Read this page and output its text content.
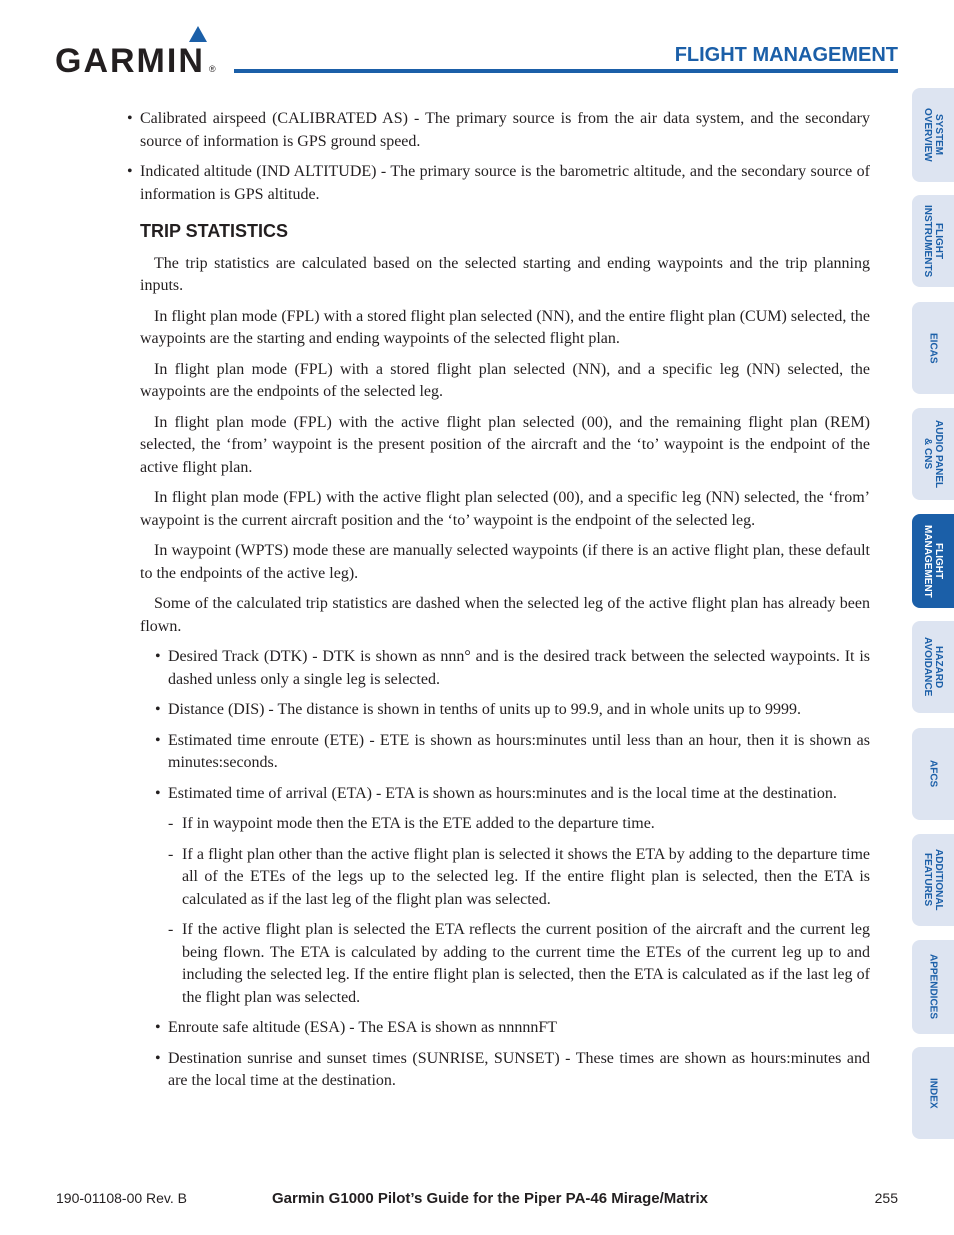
GARMIN ®
FLIGHT MANAGEMENT
• Calibrated airspeed (CALIBRATED AS) - The primary source is from the air data system, and the secondary source of information is GPS ground speed.
• Indicated altitude (IND ALTITUDE) - The primary source is the barometric altitude, and the secondary source of information is GPS altitude.
TRIP STATISTICS

The trip statistics are calculated based on the selected starting and ending waypoints and the trip planning inputs.

In flight plan mode (FPL) with a stored flight plan selected (NN), and the entire flight plan (CUM) selected, the waypoints are the starting and ending waypoints of the selected flight plan.

In flight plan mode (FPL) with a stored flight plan selected (NN), and a specific leg (NN) selected, the waypoints are the endpoints of the selected leg.

In flight plan mode (FPL) with the active flight plan selected (00), and the remaining flight plan (REM) selected, the ‘from’ waypoint is the present position of the aircraft and the ‘to’ waypoint is the endpoint of the active flight plan.

In flight plan mode (FPL) with the active flight plan selected (00), and a specific leg (NN) selected, the ‘from’ waypoint is the current aircraft position and the ‘to’ waypoint is the endpoint of the selected leg.

In waypoint (WPTS) mode these are manually selected waypoints (if there is an active flight plan, these default to the endpoints of the active leg).

Some of the calculated trip statistics are dashed when the selected leg of the active flight plan has already been flown.

• Desired Track (DTK) - DTK is shown as nnn° and is the desired track between the selected waypoints. It is dashed unless only a single leg is selected.
• Distance (DIS) - The distance is shown in tenths of units up to 99.9, and in whole units up to 9999.
• Estimated time enroute (ETE) - ETE is shown as hours:minutes until less than an hour, then it is shown as minutes:seconds.
• Estimated time of arrival (ETA) - ETA is shown as hours:minutes and is the local time at the destination.
- If in waypoint mode then the ETA is the ETE added to the departure time.
- If a flight plan other than the active flight plan is selected it shows the ETA by adding to the departure time all of the ETEs of the legs up to the selected leg. If the entire flight plan is selected, then the ETA is calculated as if the last leg of the flight plan was selected.
- If the active flight plan is selected the ETA reflects the current position of the aircraft and the current leg being flown. The ETA is calculated by adding to the current time the ETEs of the current leg up to and including the selected leg. If the entire flight plan is selected, then the ETA is calculated as if the last leg of the flight plan was selected.
• Enroute safe altitude (ESA) - The ESA is shown as nnnnnFT
• Destination sunrise and sunset times (SUNRISE, SUNSET) - These times are shown as hours:minutes and are the local time at the destination.
SYSTEM
OVERVIEW
FLIGHT
INSTRUMENTS
EICAS
AUDIO PANEL
& CNS
FLIGHT
MANAGEMENT
HAZARD
AVOIDANCE
AFCS
ADDITIONAL
FEATURES
APPENDICES
INDEX
190-01108-00 Rev. B	Garmin G1000 Pilot’s Guide for the Piper PA-46 Mirage/Matrix	255
